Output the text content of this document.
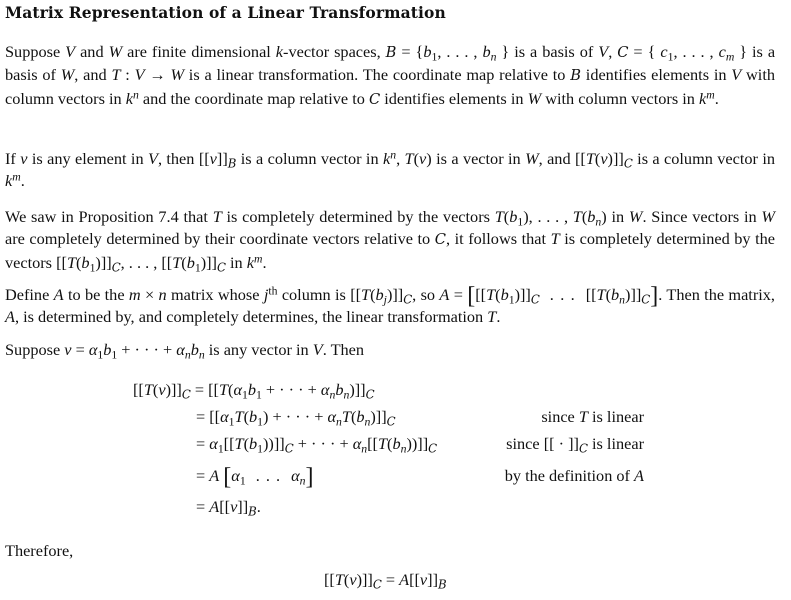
Matrix Representation of a Linear Transformation
Suppose V and W are finite dimensional k-vector spaces, $B = \{b_1$, . . . , $b_n$ } is a basis of V, C = { $c_1$, . . . , $c_m$ } is a basis of W, and T : V → W is a linear transformation. The coordinate map relative to B identifies elements in V with column vectors in $k^n$ and the coordinate map relative to C identifies elements in W with column vectors in $k^m$.
If v is any element in V, then $[[v]]_B$ is a column vector in $k^n$, T(v) is a vector in W, and $[[T(v)]]_C$ is a column vector in $k^m$.
We saw in Proposition 7.4 that T is completely determined by the vectors $T(b_1)$, . . . , $T(b_n)$ in W. Since vectors in W are completely determined by their coordinate vectors relative to C, it follows that T is completely determined by the vectors $[[T(b_1)]]_C$, . . . , $[[T(b_1)]]_C$ in $k^m$.
Define A to be the m × n matrix whose $j^{th}$ column is $[[T(b_j)]]_C$, so $A = [[[T(b_1)]]_C$ . . . $[[T(b_n)]]_C$]. Then the matrix, A, is determined by, and completely determines, the linear transformation T.
Suppose $v = \alpha_1b_1$ + · · · + $\alpha_nb_n$ is any vector in V. Then
$[[T(v)]]_C = [[T(\alpha_1b_1$ + · · · + $\alpha_nb_n)]]_C$
= [[$\alpha_1T(b_1)$ + · · · + $\alpha_nT(b_n)]]_C$	since T is linear
= $\alpha_1[[T(b_1))]]_C$ + · · · + $\alpha_n[[T(b_n))]]_C$	since [[ · ]]$_C$ is linear
= A [$\alpha_1$ . . . $\alpha_n$]	by the definition of A
= $A[[v]]_B$.
Therefore,
$[[T(v)]]_C = A[[v]]_B$
